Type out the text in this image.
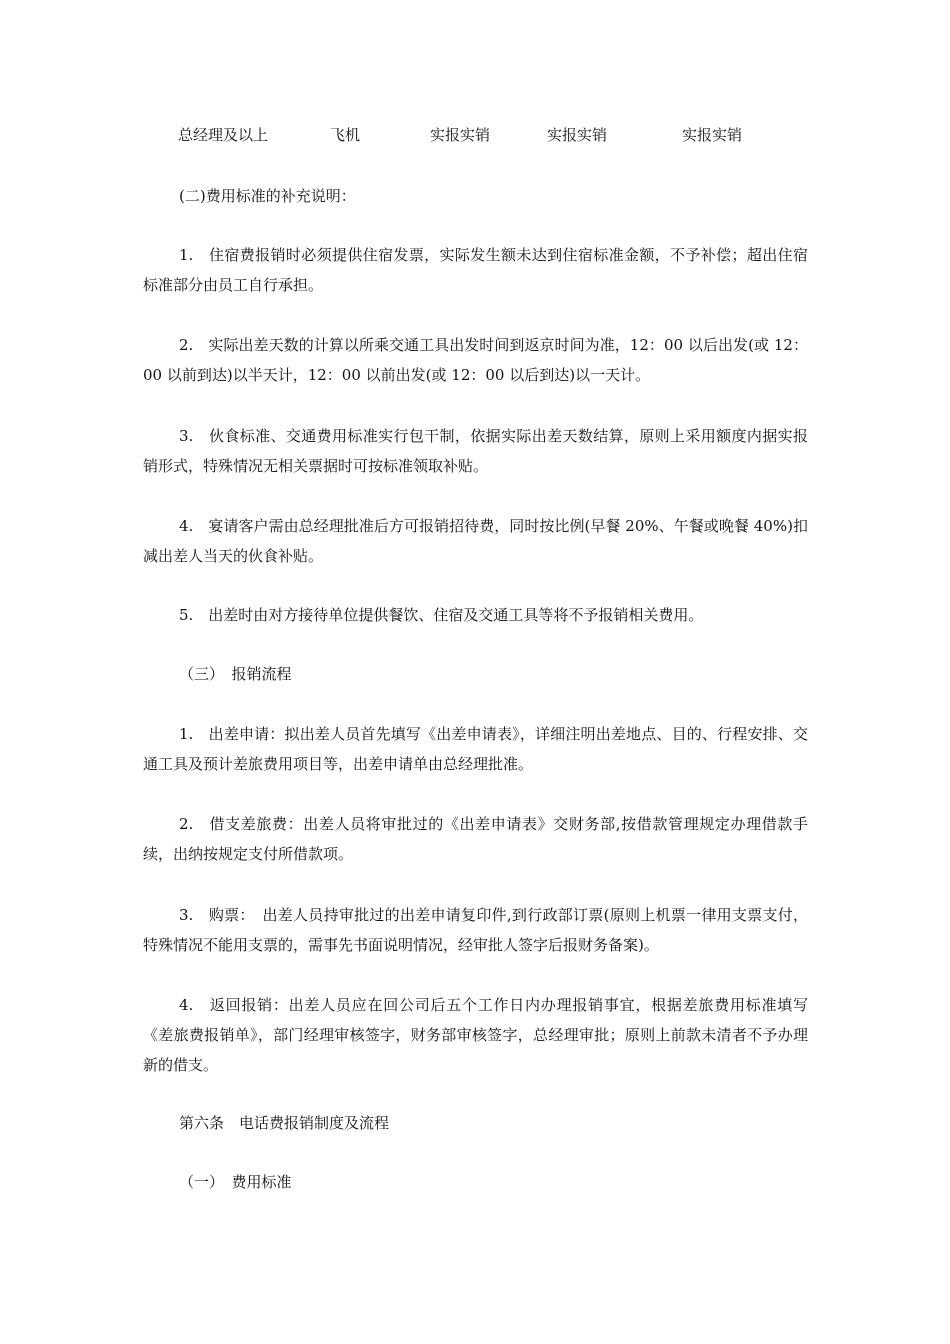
总经理及以上	飞机	实报实销	实报实销	实报实销

(二)费用标准的补充说明：

1.　住宿费报销时必须提供住宿发票，实际发生额未达到住宿标准金额，不予补偿；超出住宿标准部分由员工自行承担。

2.　实际出差天数的计算以所乘交通工具出发时间到返京时间为准，12：00 以后出发(或 12：00 以前到达)以半天计，12：00 以前出发(或 12：00 以后到达)以一天计。

3.　伙食标准、交通费用标准实行包干制，依据实际出差天数结算，原则上采用额度内据实报销形式，特殊情况无相关票据时可按标准领取补贴。

4.　宴请客户需由总经理批准后方可报销招待费，同时按比例(早餐 20%、午餐或晚餐 40%)扣减出差人当天的伙食补贴。

5.　出差时由对方接待单位提供餐饮、住宿及交通工具等将不予报销相关费用。

（三）　报销流程

1.　出差申请：拟出差人员首先填写《出差申请表》，详细注明出差地点、目的、行程安排、交通工具及预计差旅费用项目等，出差申请单由总经理批准。

2.　借支差旅费：出差人员将审批过的《出差申请表》交财务部,按借款管理规定办理借款手续，出纳按规定支付所借款项。

3.　购票：　出差人员持审批过的出差申请复印件,到行政部订票(原则上机票一律用支票支付，特殊情况不能用支票的，需事先书面说明情况，经审批人签字后报财务备案)。

4.　返回报销：出差人员应在回公司后五个工作日内办理报销事宜，根据差旅费用标准填写《差旅费报销单》，部门经理审核签字，财务部审核签字，总经理审批；原则上前款未清者不予办理新的借支。

第六条　电话费报销制度及流程

（一）　费用标准
